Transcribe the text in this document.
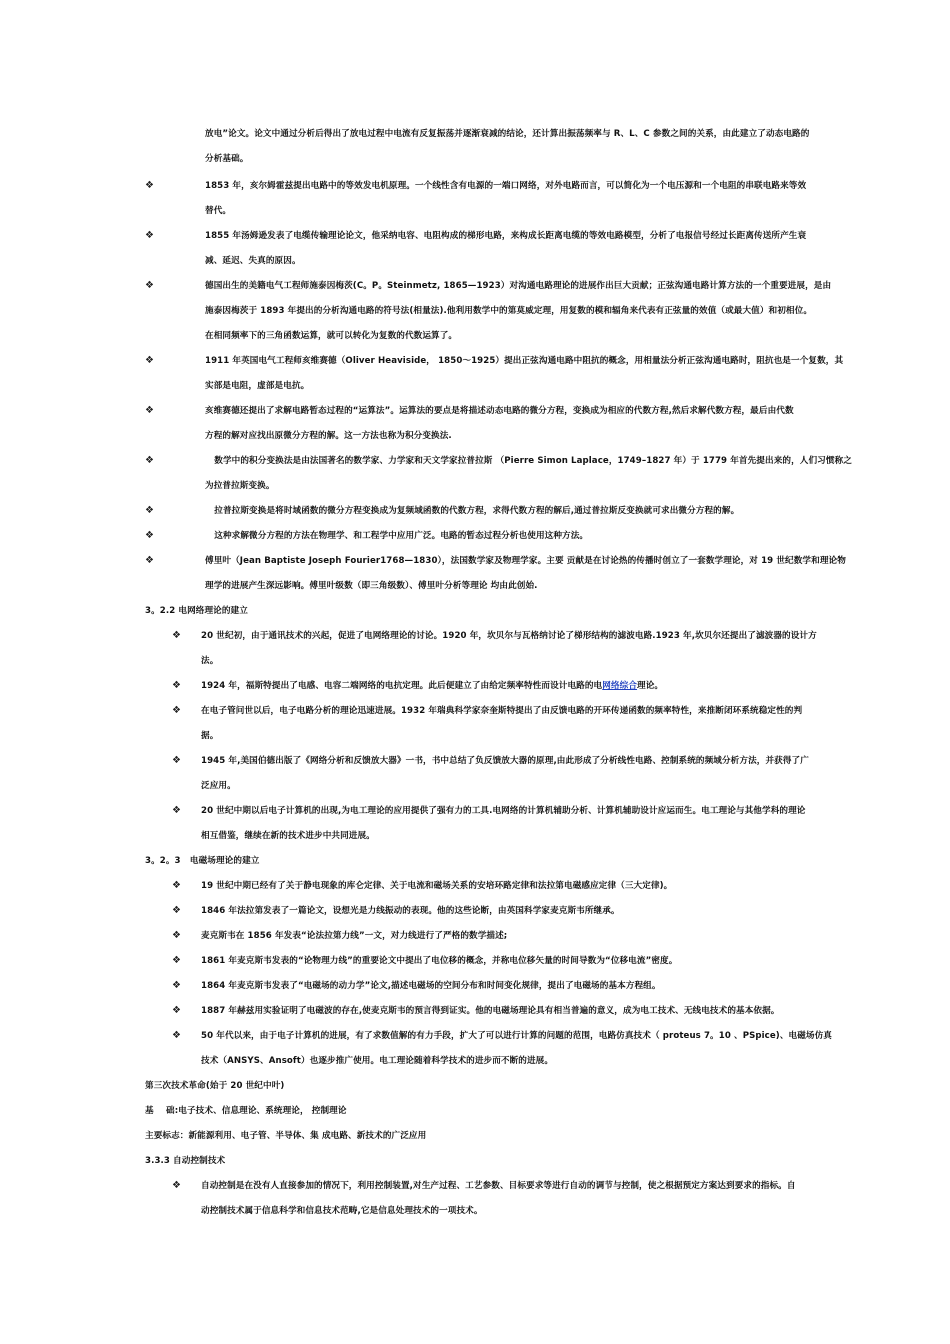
放电”论文。论文中通过分析后得出了放电过程中电流有反复振荡并逐渐衰减的结论，还计算出振荡频率与 R、L、C 参数之间的关系，由此建立了动态电路的
分析基础。
❖	1853 年，亥尔姆霍兹提出电路中的等效发电机原理。一个线性含有电源的一端口网络，对外电路而言，可以简化为一个电压源和一个电阻的串联电路来等效
替代。
❖	1855 年汤姆逊发表了电缆传输理论论文，他采纳电容、电阻构成的梯形电路，来构成长距离电缆的等效电路模型，分析了电报信号经过长距离传送所产生衰
减、延迟、失真的原因。
❖	德国出生的美籍电气工程师施泰因梅茨(C。P。Steinmetz, 1865—1923）对沟通电路理论的进展作出巨大贡献；正弦沟通电路计算方法的一个重要进展，是由
施泰因梅茨于 1893 年提出的分析沟通电路的符号法(相量法).他利用数学中的第莫威定理，用复数的模和辐角来代表有正弦量的效值（或最大值）和初相位。
在相同频率下的三角函数运算，就可以转化为复数的代数运算了。
❖	1911 年英国电气工程师亥维赛德（Oliver Heaviside， 1850～1925）提出正弦沟通电路中阻抗的概念，用相量法分析正弦沟通电路时，阻抗也是一个复数，其
实部是电阻，虚部是电抗。
❖	亥维赛德还提出了求解电路暂态过程的“运算法”。运算法的要点是将描述动态电路的微分方程，变换成为相应的代数方程,然后求解代数方程，最后由代数
方程的解对应找出原微分方程的解。这一方法也称为积分变换法.
❖	数学中的积分变换法是由法国著名的数学家、力学家和天文学家拉普拉斯 （Pierre Simon Laplace，1749–1827 年）于 1779 年首先提出来的，人们习惯称之
为拉普拉斯变换。
❖	拉普拉斯变换是将时域函数的微分方程变换成为复频域函数的代数方程，求得代数方程的解后,通过普拉斯反变换就可求出微分方程的解。
❖	这种求解微分方程的方法在物理学、和工程学中应用广泛。电路的暂态过程分析也使用这种方法。
❖	傅里叶（Jean Baptiste Joseph Fourier1768—1830），法国数学家及物理学家。主要 贡献是在讨论热的传播时创立了一套数学理论，对 19 世纪数学和理论物
理学的进展产生深远影响。傅里叶级数（即三角级数）、傅里叶分析等理论 均由此创始.
3。2.2 电网络理论的建立
❖ 20 世纪初，由于通讯技术的兴起，促进了电网络理论的讨论。1920 年，坎贝尔与瓦格纳讨论了梯形结构的滤波电路.1923 年,坎贝尔还提出了滤波器的设计方
法。
❖ 1924 年，福斯特提出了电感、电容二端网络的电抗定理。此后便建立了由给定频率特性而设计电路的电网络综合理论。
❖ 在电子管问世以后，电子电路分析的理论迅速进展。1932 年瑞典科学家奈奎斯特提出了由反馈电路的开环传递函数的频率特性，来推断闭环系统稳定性的判
据。
❖ 1945 年,美国伯德出版了《网络分析和反馈放大器》一书，书中总结了负反馈放大器的原理,由此形成了分析线性电路、控制系统的频域分析方法，并获得了广
泛应用。
❖ 20 世纪中期以后电子计算机的出现,为电工理论的应用提供了强有力的工具.电网络的计算机辅助分析、计算机辅助设计应运而生。电工理论与其他学科的理论
相互借鉴，继续在新的技术进步中共同进展。
3。2。3   电磁场理论的建立
❖ 19 世纪中期已经有了关于静电现象的库仑定律、关于电流和磁场关系的安培环路定律和法拉第电磁感应定律（三大定律)。
❖ 1846 年法拉第发表了一篇论文，设想光是力线振动的表现。他的这些论断，由英国科学家麦克斯韦所继承。
❖ 麦克斯韦在 1856 年发表“论法拉第力线”一文，对力线进行了严格的数学描述;
❖ 1861 年麦克斯韦发表的“论物理力线”的重要论文中提出了电位移的概念，并称电位移矢量的时间导数为“位移电流”密度。
❖ 1864 年麦克斯韦发表了“电磁场的动力学”论文,描述电磁场的空间分布和时间变化规律，提出了电磁场的基本方程组。
❖ 1887 年赫兹用实验证明了电磁波的存在,使麦克斯韦的预言得到证实。他的电磁场理论具有相当普遍的意义，成为电工技术、无线电技术的基本依据。
❖ 50 年代以来，由于电子计算机的进展，有了求数值解的有力手段，扩大了可以进行计算的问题的范围，电路仿真技术（ proteus 7。10 、PSpice)、电磁场仿真
技术（ANSYS、Ansoft）也逐步推广使用。电工理论随着科学技术的进步而不断的进展。
第三次技术革命(始于 20 世纪中叶)
基    础:电子技术、信息理论、系统理论， 控制理论
主要标志：新能源利用、电子管、半导体、集 成电路、新技术的广泛应用
3.3.3 自动控制技术
❖ 自动控制是在没有人直接参加的情况下，利用控制装置,对生产过程、工艺参数、目标要求等进行自动的调节与控制，使之根据预定方案达到要求的指标。自
动控制技术属于信息科学和信息技术范畴,它是信息处理技术的一项技术。
